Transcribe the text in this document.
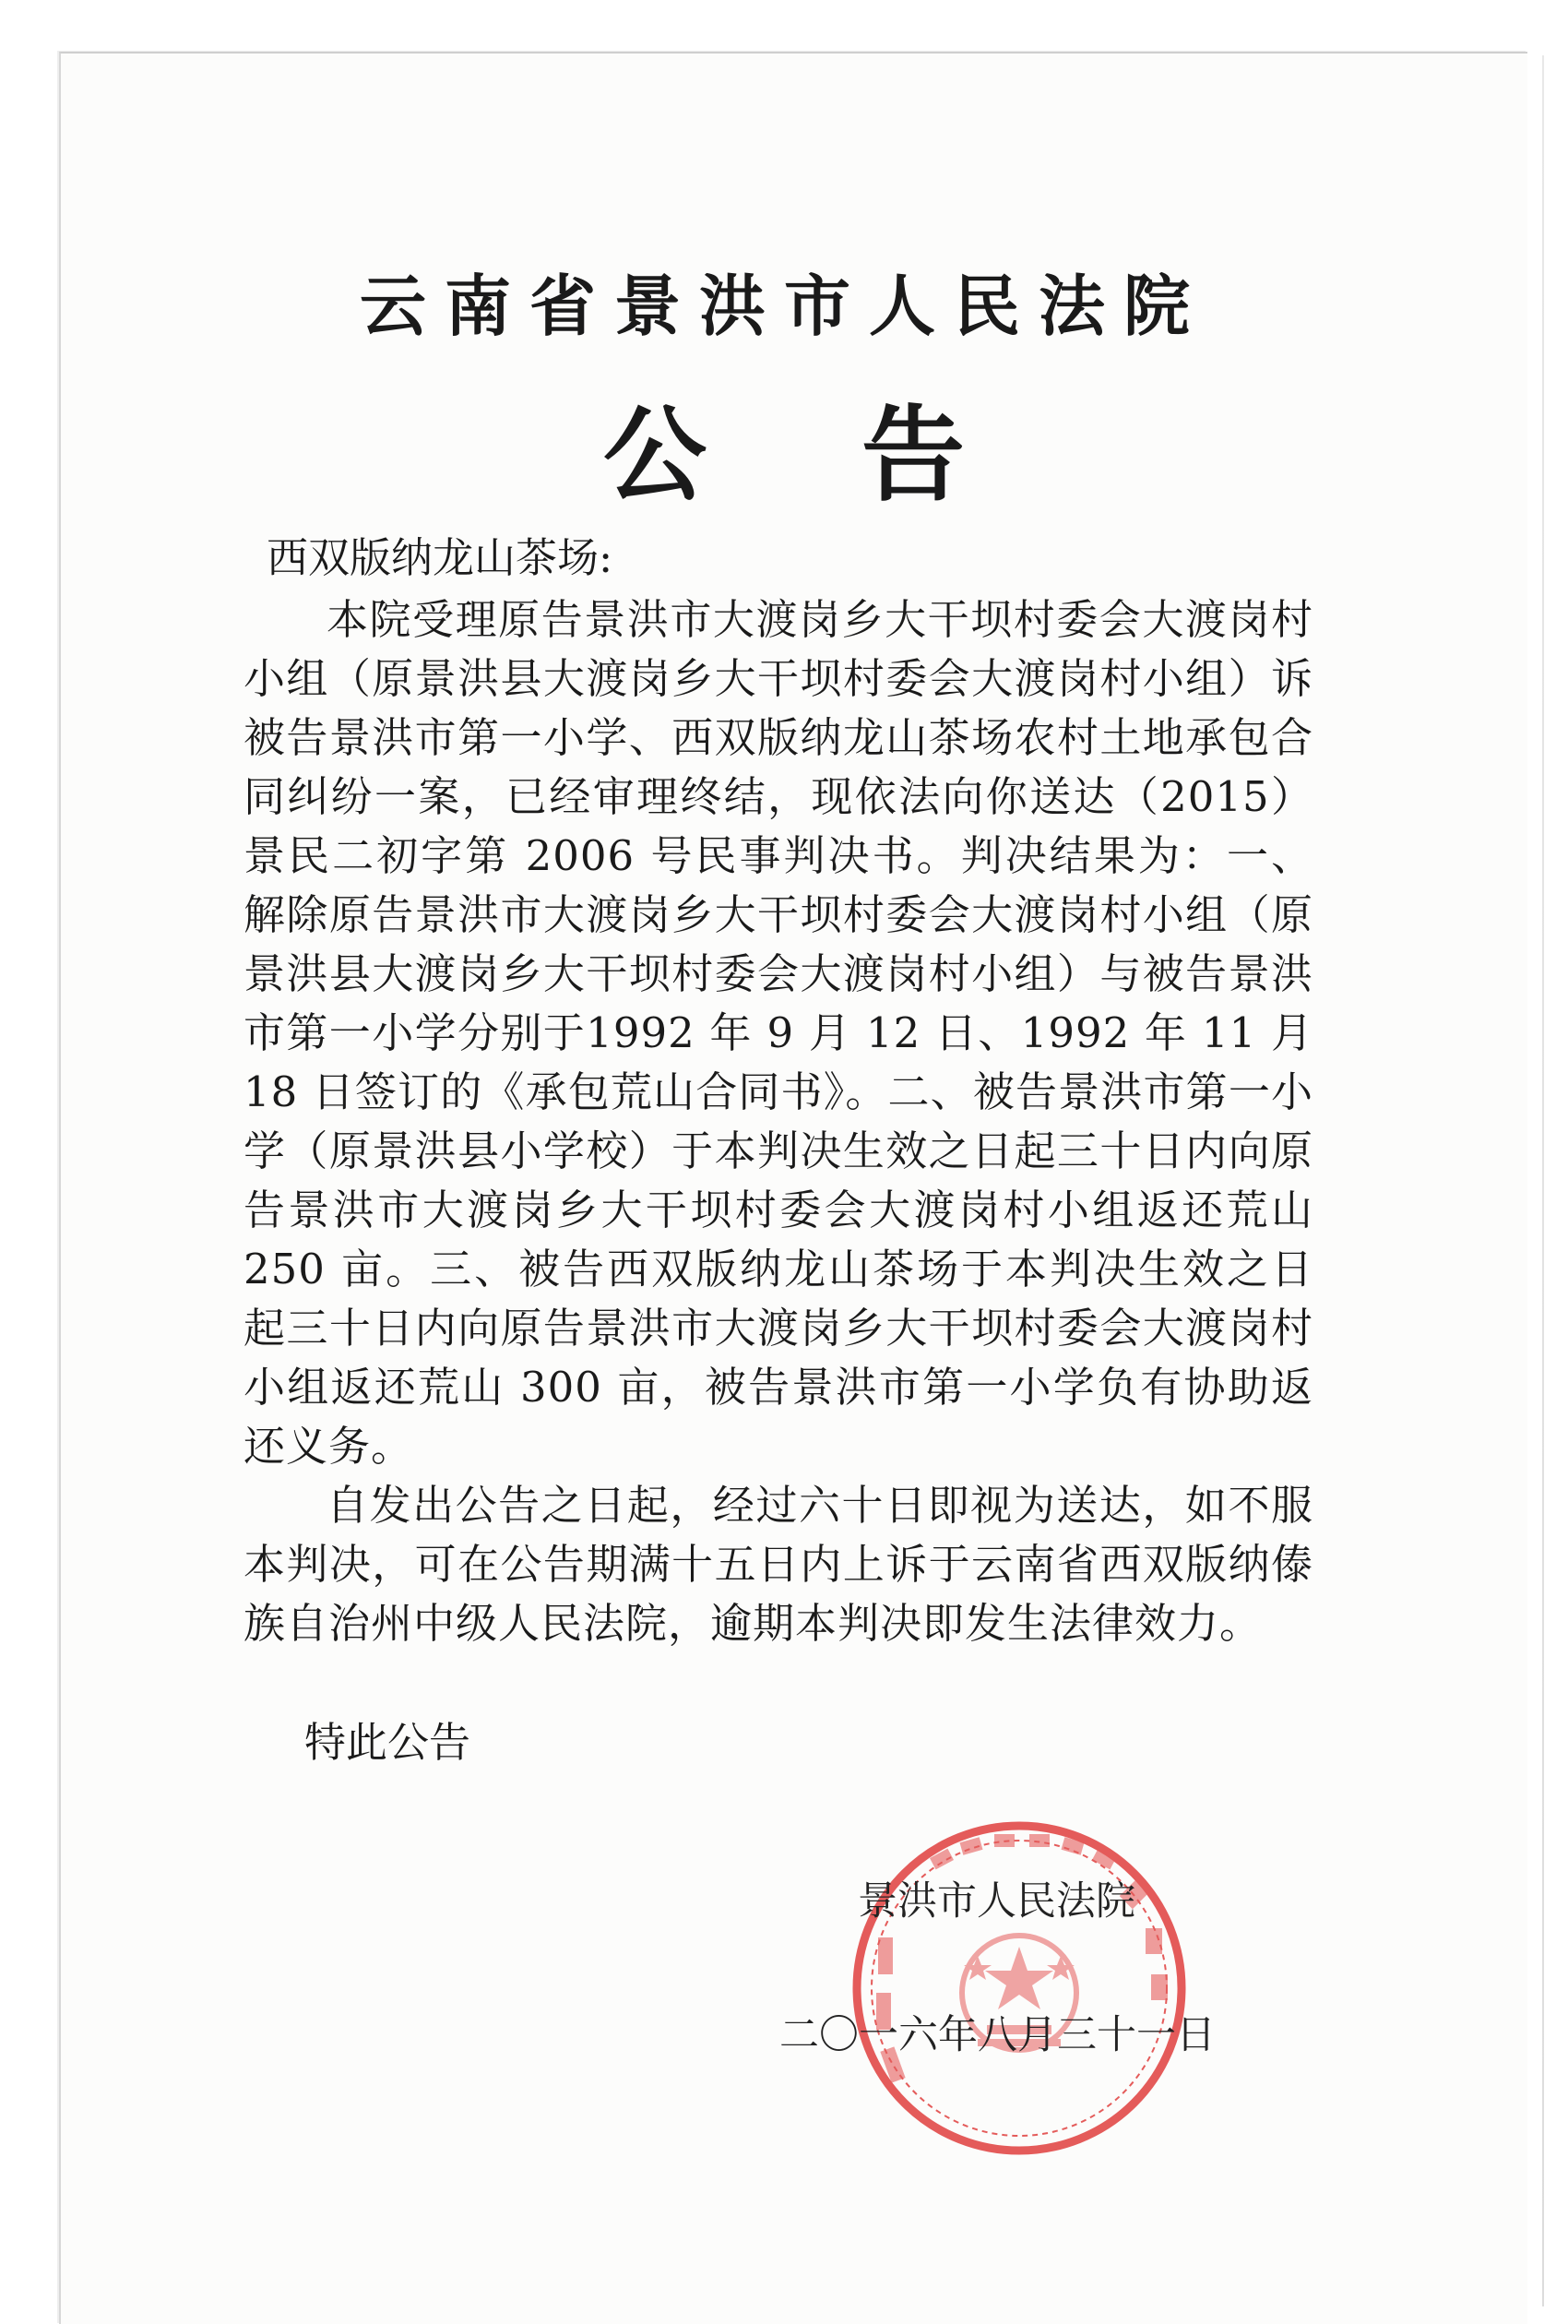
云南省景洪市人民法院
公 告
西双版纳龙山茶场:

本院受理原告景洪市大渡岗乡大干坝村委会大渡岗村小组（原景洪县大渡岗乡大干坝村委会大渡岗村小组）诉被告景洪市第一小学、西双版纳龙山茶场农村土地承包合同纠纷一案，已经审理终结，现依法向你送达（2015）景民二初字第 2006 号民事判决书。判决结果为：一、解除原告景洪市大渡岗乡大干坝村委会大渡岗村小组（原景洪县大渡岗乡大干坝村委会大渡岗村小组）与被告景洪市第一小学分别于1992 年 9 月 12 日、1992 年 11 月 18 日签订的《承包荒山合同书》。二、被告景洪市第一小学（原景洪县小学校）于本判决生效之日起三十日内向原告景洪市大渡岗乡大干坝村委会大渡岗村小组返还荒山 250 亩。三、被告西双版纳龙山茶场于本判决生效之日起三十日内向原告景洪市大渡岗乡大干坝村委会大渡岗村小组返还荒山 300 亩，被告景洪市第一小学负有协助返还义务。

自发出公告之日起，经过六十日即视为送达，如不服本判决，可在公告期满十五日内上诉于云南省西双版纳傣族自治州中级人民法院，逾期本判决即发生法律效力。

特此公告
景洪市人民法院
二〇一六年八月三十一日
